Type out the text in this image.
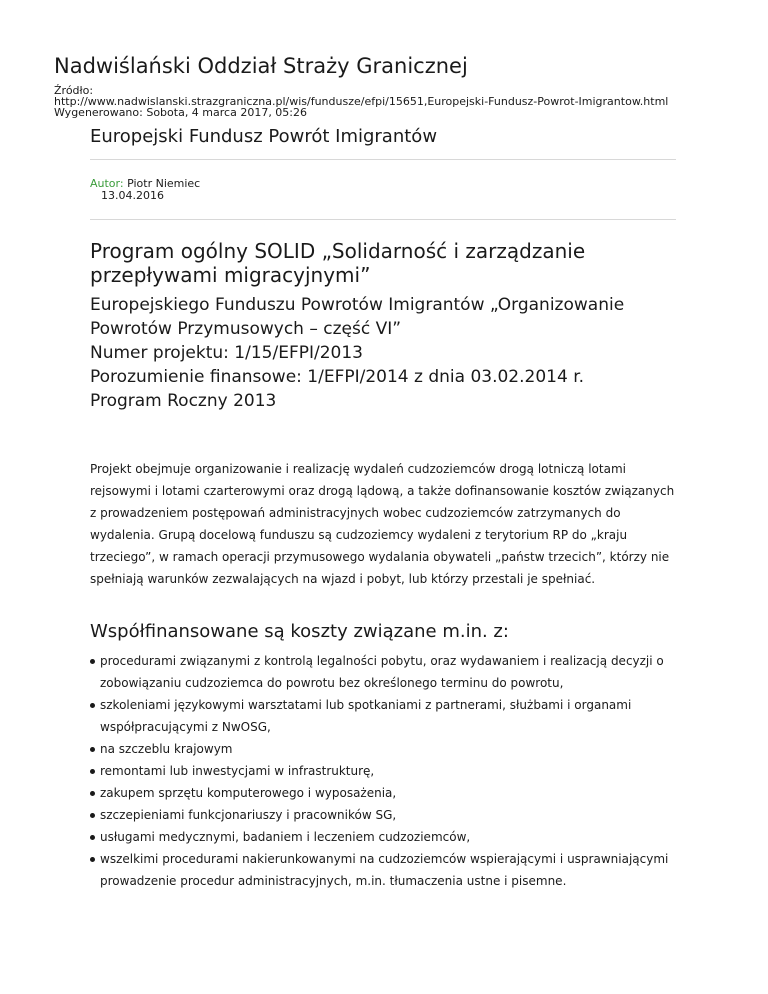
Nadwiślański Oddział Straży Granicznej
Źródło:
http://www.nadwislanski.strazgraniczna.pl/wis/fundusze/efpi/15651,Europejski-Fundusz-Powrot-Imigrantow.html
Wygenerowano: Sobota, 4 marca 2017, 05:26
Europejski Fundusz Powrót Imigrantów
Autor: Piotr Niemiec
13.04.2016
Program ogólny SOLID „Solidarność i zarządzanie przepływami migracyjnymi”
Europejskiego Funduszu Powrotów Imigrantów „Organizowanie
Powrotów Przymusowych – część VI”
Numer projektu: 1/15/EFPI/2013
Porozumienie finansowe: 1/EFPI/2014 z dnia 03.02.2014 r.
Program Roczny 2013

Projekt obejmuje organizowanie i realizację wydaleń cudzoziemców drogą lotniczą lotami rejsowymi i lotami czarterowymi oraz drogą lądową, a także dofinansowanie kosztów związanych z prowadzeniem postępowań administracyjnych wobec cudzoziemców zatrzymanych do wydalenia. Grupą docelową funduszu są cudzoziemcy wydaleni z terytorium RP do „kraju trzeciego”, w ramach operacji przymusowego wydalania obywateli „państw trzecich”, którzy nie spełniają warunków zezwalających na wjazd i pobyt, lub którzy przestali je spełniać.

Współfinansowane są koszty związane m.in. z:
procedurami związanymi z kontrolą legalności pobytu, oraz wydawaniem i realizacją decyzji o zobowiązaniu cudzoziemca do powrotu bez określonego terminu do powrotu,
szkoleniami językowymi warsztatami lub spotkaniami z partnerami, służbami i organami współpracującymi z NwOSG,
na szczeblu krajowym
remontami lub inwestycjami w infrastrukturę,
zakupem sprzętu komputerowego i wyposażenia,
szczepieniami funkcjonariuszy i pracowników SG,
usługami medycznymi, badaniem i leczeniem cudzoziemców,
wszelkimi procedurami nakierunkowanymi na cudzoziemców wspierającymi i usprawniającymi prowadzenie procedur administracyjnych, m.in. tłumaczenia ustne i pisemne.
